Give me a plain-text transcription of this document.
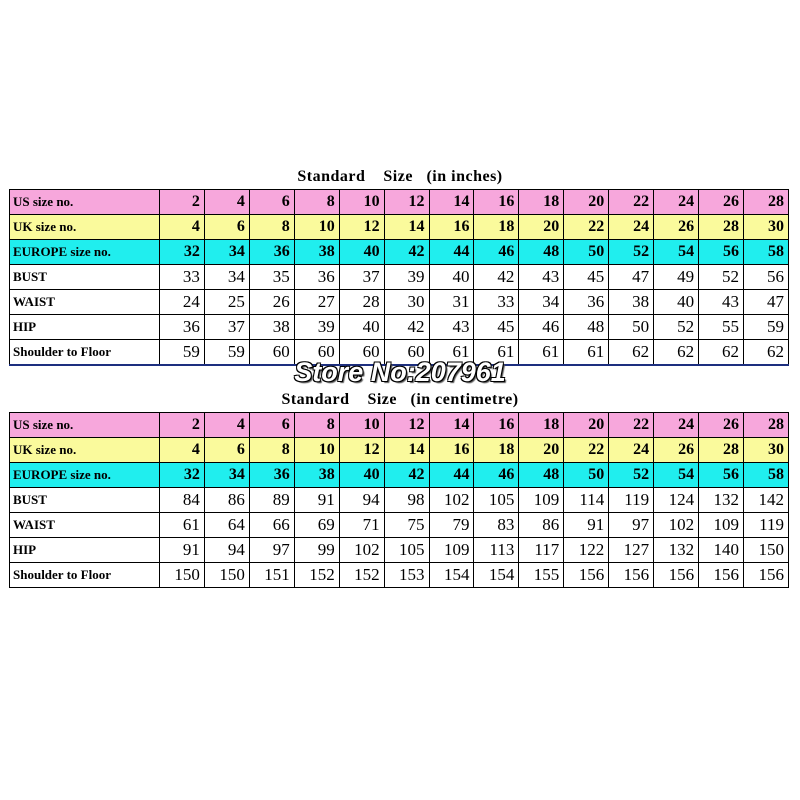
Standard    Size   (in inches)
US size no.	2	4	6	8	10	12	14	16	18	20	22	24	26	28
UK size no.	4	6	8	10	12	14	16	18	20	22	24	26	28	30
EUROPE size no.	32	34	36	38	40	42	44	46	48	50	52	54	56	58
BUST	33	34	35	36	37	39	40	42	43	45	47	49	52	56
WAIST	24	25	26	27	28	30	31	33	34	36	38	40	43	47
HIP	36	37	38	39	40	42	43	45	46	48	50	52	55	59
Shoulder to Floor	59	59	60	60	60	60	61	61	61	61	62	62	62	62
Store No:207961
Standard    Size   (in centimetre)
US size no.	2	4	6	8	10	12	14	16	18	20	22	24	26	28
UK size no.	4	6	8	10	12	14	16	18	20	22	24	26	28	30
EUROPE size no.	32	34	36	38	40	42	44	46	48	50	52	54	56	58
BUST	84	86	89	91	94	98	102	105	109	114	119	124	132	142
WAIST	61	64	66	69	71	75	79	83	86	91	97	102	109	119
HIP	91	94	97	99	102	105	109	113	117	122	127	132	140	150
Shoulder to Floor	150	150	151	152	152	153	154	154	155	156	156	156	156	156
